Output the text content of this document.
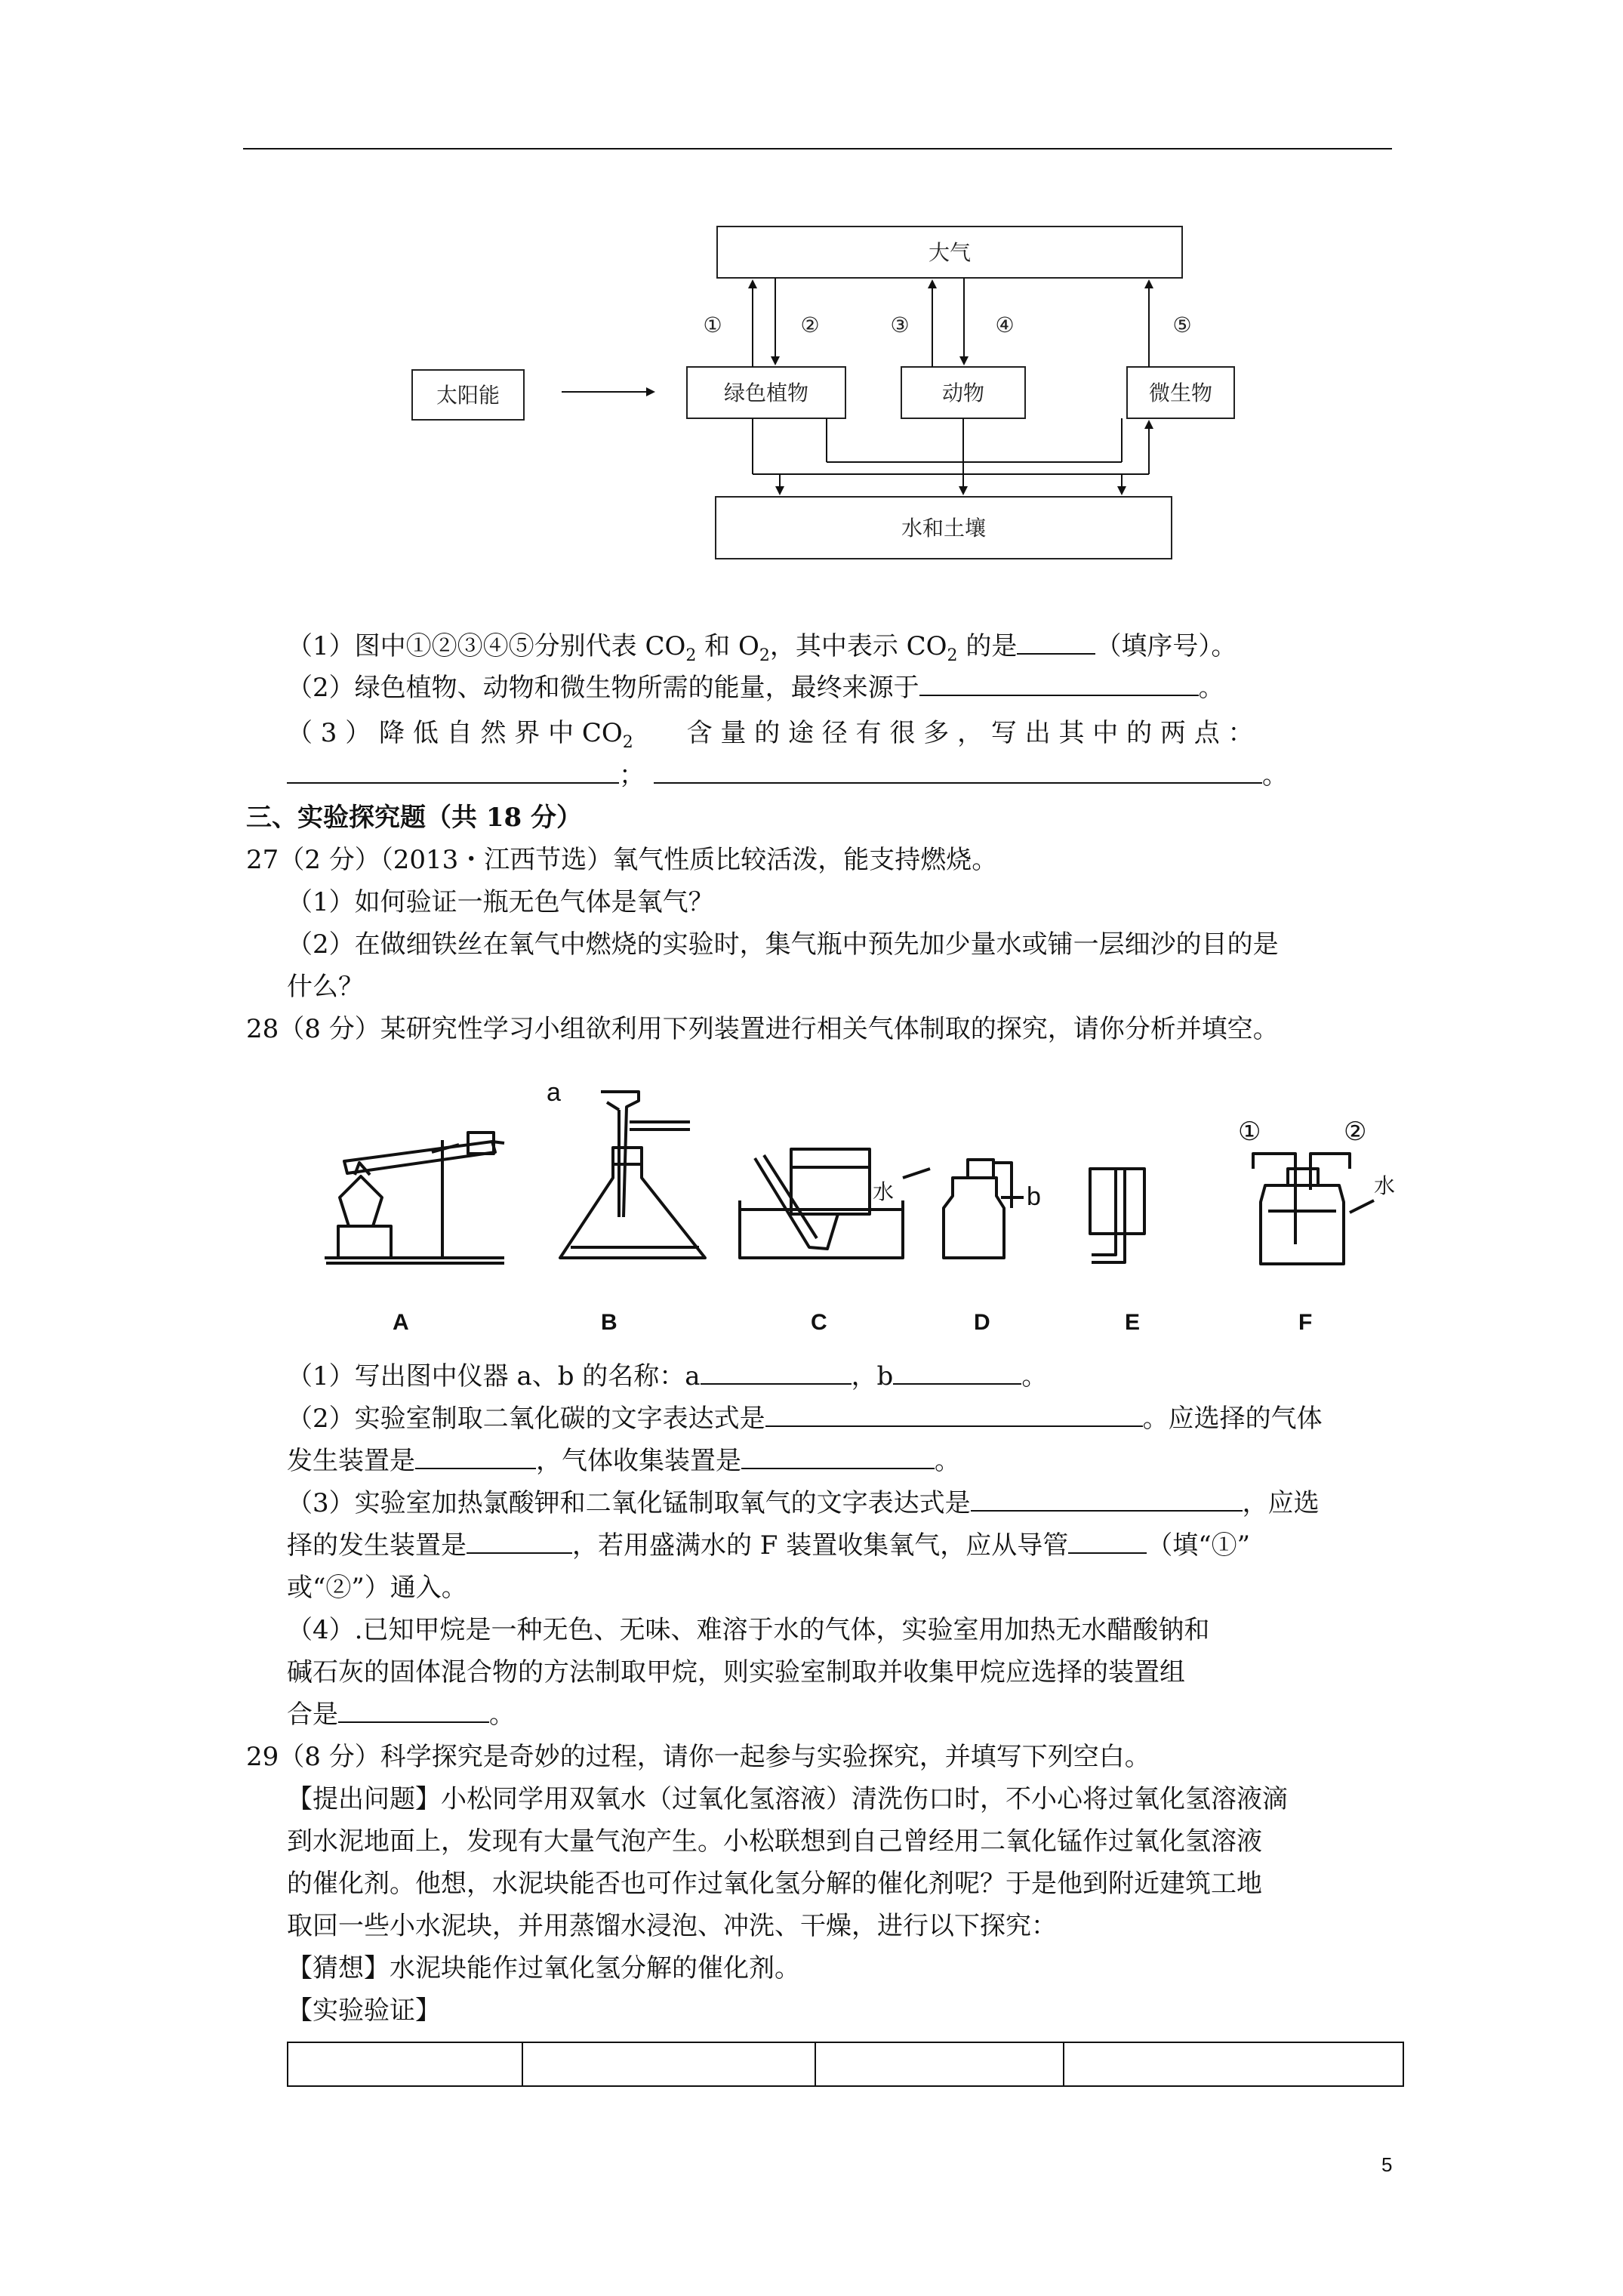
大气
太阳能	绿色植物	动物	微生物
水和土壤
①	②	③	④	⑤
（1）图中①②③④⑤分别代表 $CO_2$ 和 $O_2$，其中表示 $CO_2$ 的是	（填序号）。
（2）绿色植物、动物和微生物所需的能量，最终来源于	。
（ 3 ） 降 低 自 然 界 中 $CO_2$ 含 量 的 途 径 有 很 多 ， 写 出 其 中 的 两 点 ：
；	。
三、实验探究题（共 18 分）
27（2 分）（2013・江西节选）氧气性质比较活泼，能支持燃烧。
（1）如何验证一瓶无色气体是氧气？
（2）在做细铁丝在氧气中燃烧的实验时，集气瓶中预先加少量水或铺一层细沙的目的是
什么？
28（8 分）某研究性学习小组欲利用下列装置进行相关气体制取的探究，请你分析并填空。
a
b
水	水
①	②
A	B	C	D	E	F
（1）写出图中仪器 a、b 的名称：a	，b	。
（2）实验室制取二氧化碳的文字表达式是	。应选择的气体
发生装置是	，气体收集装置是	。
（3）实验室加热氯酸钾和二氧化锰制取氧气的文字表达式是	，应选
择的发生装置是	，若用盛满水的 F 装置收集氧气，应从导管	（填“①”
或“②”）通入。
（4）.已知甲烷是一种无色、无味、难溶于水的气体，实验室用加热无水醋酸钠和
碱石灰的固体混合物的方法制取甲烷，则实验室制取并收集甲烷应选择的装置组
合是	。
29（8 分）科学探究是奇妙的过程，请你一起参与实验探究，并填写下列空白。
【提出问题】小松同学用双氧水（过氧化氢溶液）清洗伤口时，不小心将过氧化氢溶液滴
到水泥地面上，发现有大量气泡产生。小松联想到自己曾经用二氧化锰作过氧化氢溶液
的催化剂。他想，水泥块能否也可作过氧化氢分解的催化剂呢？于是他到附近建筑工地
取回一些小水泥块，并用蒸馏水浸泡、冲洗、干燥，进行以下探究：
【猜想】水泥块能作过氧化氢分解的催化剂。
【实验验证】

5
